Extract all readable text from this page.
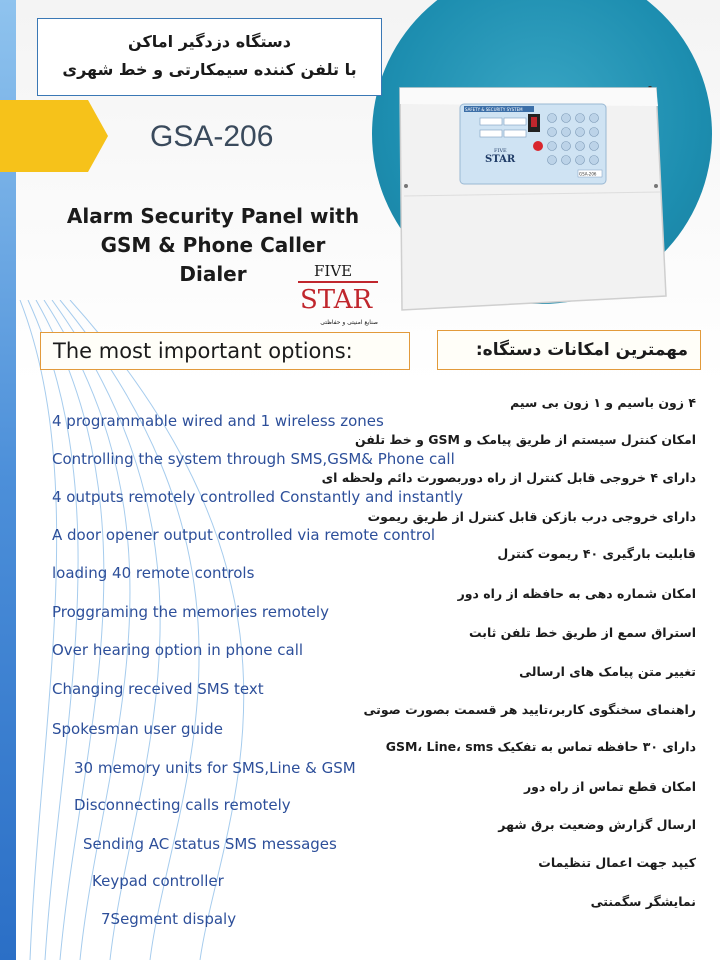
SAFETY & SECURITY SYSTEM
FIVE
STAR
GSA-206
دستگاه دزدگیر اماکن
با تلفن کننده سیمکارتی و خط شهری
GSA-206
Alarm Security Panel with
GSM & Phone Caller
Dialer	FIVE
STAR
صنایع امنیتی و حفاظتی
The most important options:	مهمترین امکانات دستگاه:
4 programmable wired and 1 wireless zones
Controlling the system through SMS,GSM& Phone call
4 outputs remotely controlled Constantly and instantly
A door opener output controlled via remote control
loading 40 remote controls
Proggraming the memories remotely
Over hearing option in phone call
Changing received SMS text
Spokesman user guide
30 memory units for SMS,Line & GSM
Disconnecting calls remotely
Sending AC status SMS messages
Keypad controller
7Segment dispaly
۴ زون باسیم و ۱ زون بی سیم
امکان کنترل سیستم از طریق پیامک و GSM و خط تلفن
دارای ۴ خروجی قابل کنترل از راه دوربصورت دائم ولحظه ای
دارای خروجی درب بازکن قابل کنترل از طریق ریموت
قابلیت بارگیری ۴۰ ریموت کنترل
امکان شماره دهی به حافظه از راه دور
استراق سمع از طریق خط تلفن ثابت
تغییر متن پیامک های ارسالی
راهنمای سخنگوی کاربر،تایید هر قسمت بصورت صوتی
دارای ۳۰ حافظه تماس به تفکیک GSM، Line، sms
امکان قطع تماس از راه دور
ارسال گزارش وضعیت برق شهر
کیپد جهت اعمال تنظیمات
نمایشگر سگمنتی
